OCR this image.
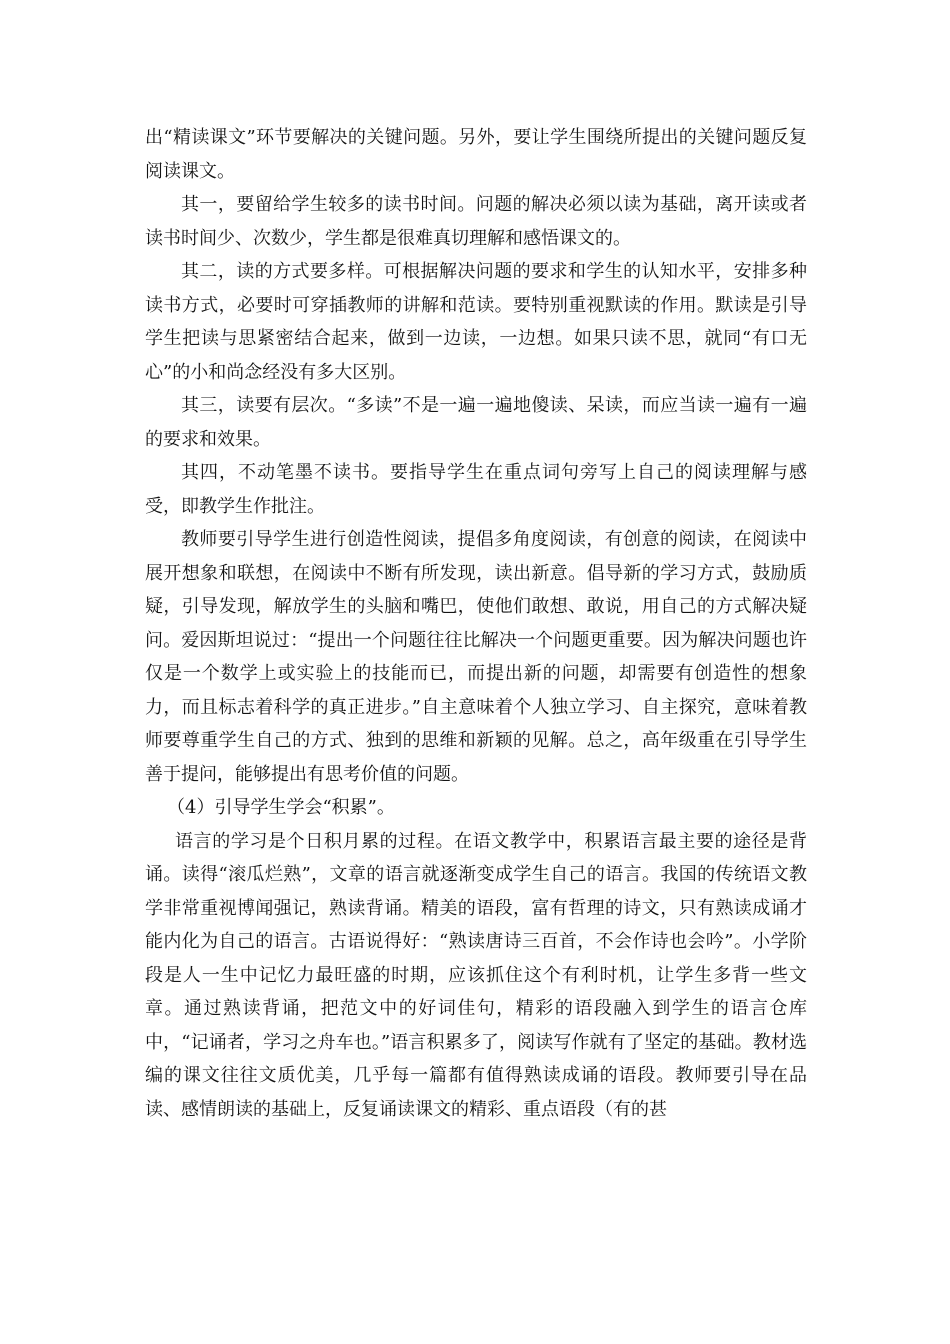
出“精读课文”环节要解决的关键问题。另外，要让学生围绕所提出的关键问题反复阅读课文。

其一，要留给学生较多的读书时间。问题的解决必须以读为基础，离开读或者读书时间少、次数少，学生都是很难真切理解和感悟课文的。

其二，读的方式要多样。可根据解决问题的要求和学生的认知水平，安排多种读书方式，必要时可穿插教师的讲解和范读。要特别重视默读的作用。默读是引导学生把读与思紧密结合起来，做到一边读，一边想。如果只读不思，就同“有口无心”的小和尚念经没有多大区别。

其三，读要有层次。“多读”不是一遍一遍地傻读、呆读，而应当读一遍有一遍的要求和效果。

其四，不动笔墨不读书。要指导学生在重点词句旁写上自己的阅读理解与感受，即教学生作批注。

教师要引导学生进行创造性阅读，提倡多角度阅读，有创意的阅读，在阅读中展开想象和联想，在阅读中不断有所发现，读出新意。倡导新的学习方式，鼓励质疑，引导发现，解放学生的头脑和嘴巴，使他们敢想、敢说，用自己的方式解决疑问。爱因斯坦说过：“提出一个问题往往比解决一个问题更重要。因为解决问题也许仅是一个数学上或实验上的技能而已，而提出新的问题，却需要有创造性的想象力，而且标志着科学的真正进步。”自主意味着个人独立学习、自主探究，意味着教师要尊重学生自己的方式、独到的思维和新颖的见解。总之，高年级重在引导学生善于提问，能够提出有思考价值的问题。

（4）引导学生学会“积累”。

语言的学习是个日积月累的过程。在语文教学中，积累语言最主要的途径是背诵。读得“滚瓜烂熟”，文章的语言就逐渐变成学生自己的语言。我国的传统语文教学非常重视博闻强记，熟读背诵。精美的语段，富有哲理的诗文，只有熟读成诵才能内化为自己的语言。古语说得好：“熟读唐诗三百首，不会作诗也会吟”。小学阶段是人一生中记忆力最旺盛的时期，应该抓住这个有利时机，让学生多背一些文章。通过熟读背诵，把范文中的好词佳句，精彩的语段融入到学生的语言仓库中，“记诵者，学习之舟车也。”语言积累多了，阅读写作就有了坚定的基础。教材选编的课文往往文质优美，几乎每一篇都有值得熟读成诵的语段。教师要引导在品读、感情朗读的基础上，反复诵读课文的精彩、重点语段（有的甚
